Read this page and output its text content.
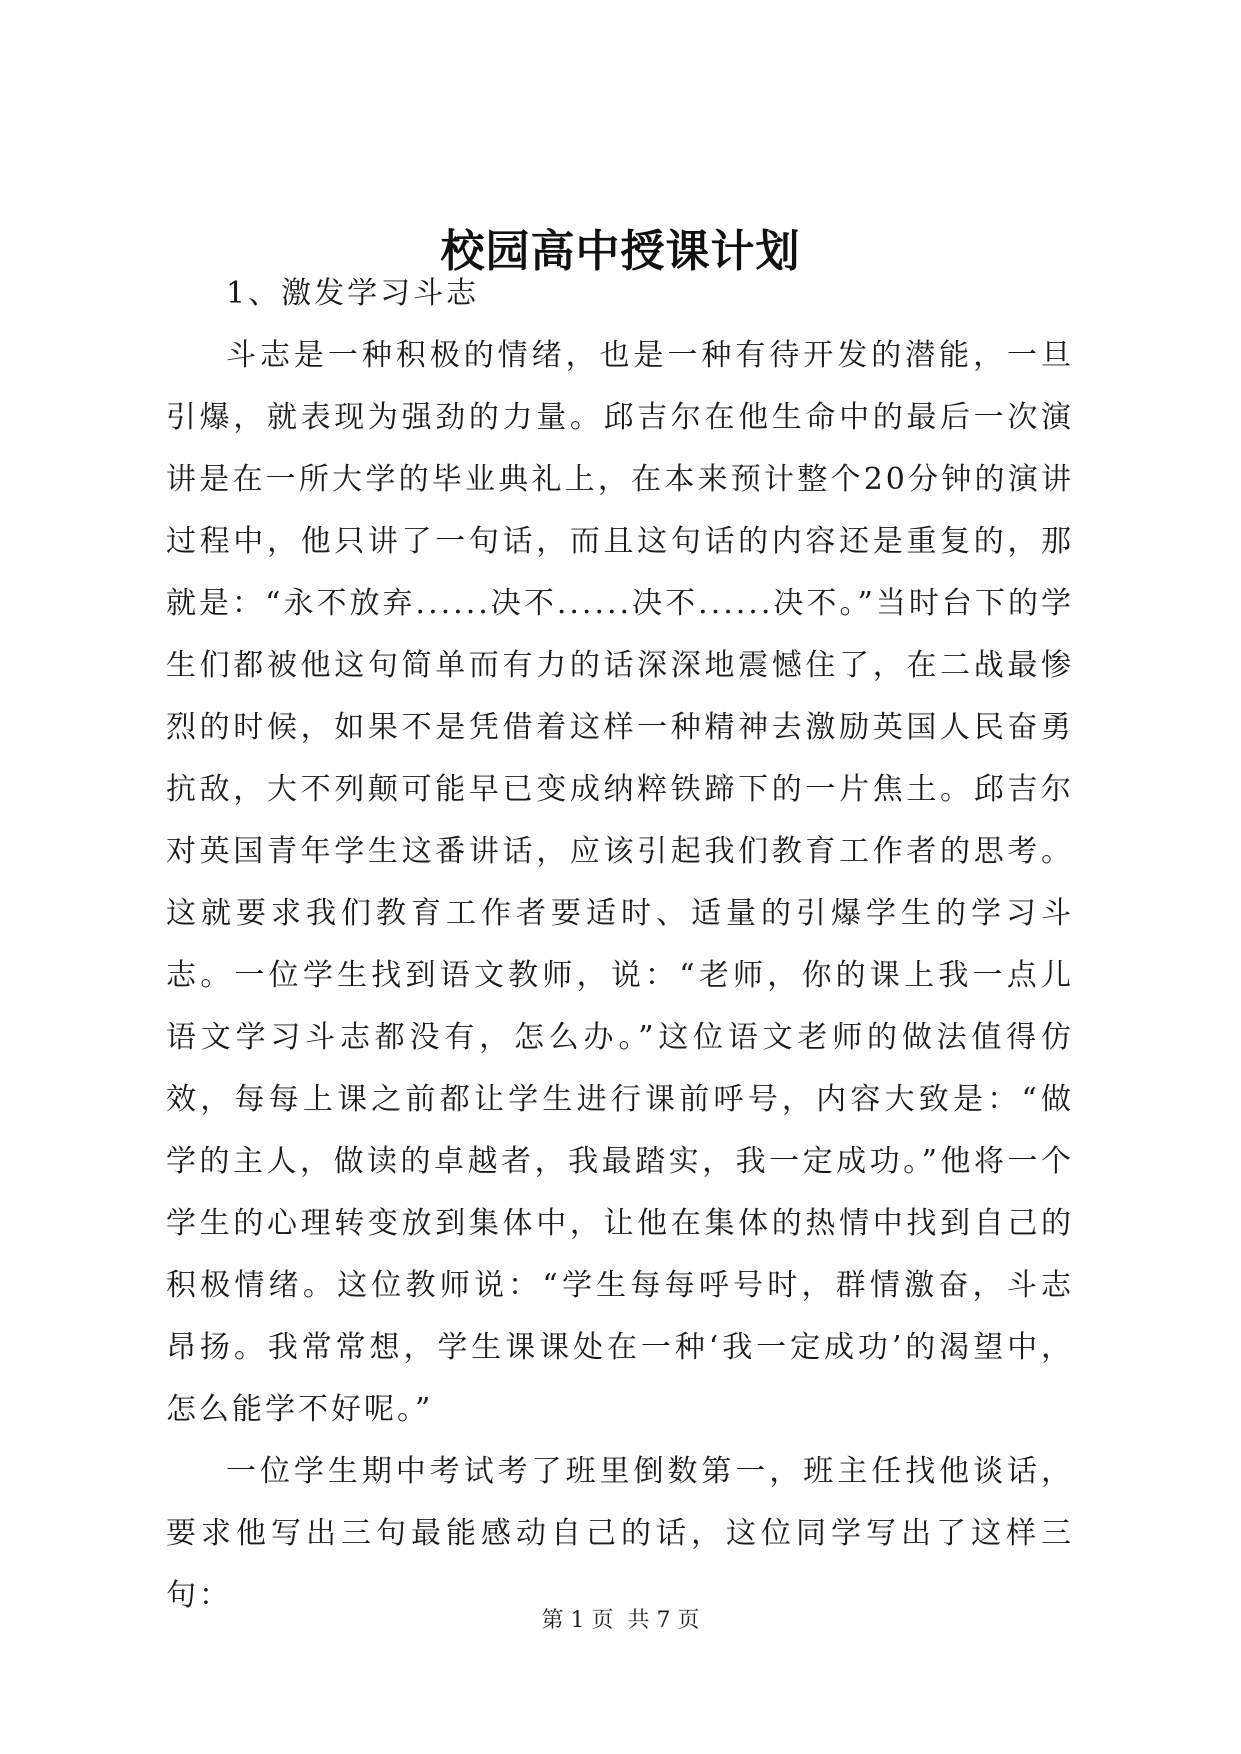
校园高中授课计划

1、激发学习斗志

斗志是一种积极的情绪，也是一种有待开发的潜能，一旦引爆，就表现为强劲的力量。邱吉尔在他生命中的最后一次演讲是在一所大学的毕业典礼上，在本来预计整个20分钟的演讲过程中，他只讲了一句话，而且这句话的内容还是重复的，那就是：“永不放弃......决不......决不......决不。”当时台下的学生们都被他这句简单而有力的话深深地震憾住了，在二战最惨烈的时候，如果不是凭借着这样一种精神去激励英国人民奋勇抗敌，大不列颠可能早已变成纳粹铁蹄下的一片焦土。邱吉尔对英国青年学生这番讲话，应该引起我们教育工作者的思考。这就要求我们教育工作者要适时、适量的引爆学生的学习斗志。一位学生找到语文教师，说：“老师，你的课上我一点儿语文学习斗志都没有，怎么办。”这位语文老师的做法值得仿效，每每上课之前都让学生进行课前呼号，内容大致是：“做学的主人，做读的卓越者，我最踏实，我一定成功。”他将一个学生的心理转变放到集体中，让他在集体的热情中找到自己的积极情绪。这位教师说：“学生每每呼号时，群情激奋，斗志昂扬。我常常想，学生课课处在一种‘我一定成功’的渴望中，怎么能学不好呢。”

一位学生期中考试考了班里倒数第一，班主任找他谈话，要求他写出三句最能感动自己的话，这位同学写出了这样三句：

第 1 页  共 7 页
